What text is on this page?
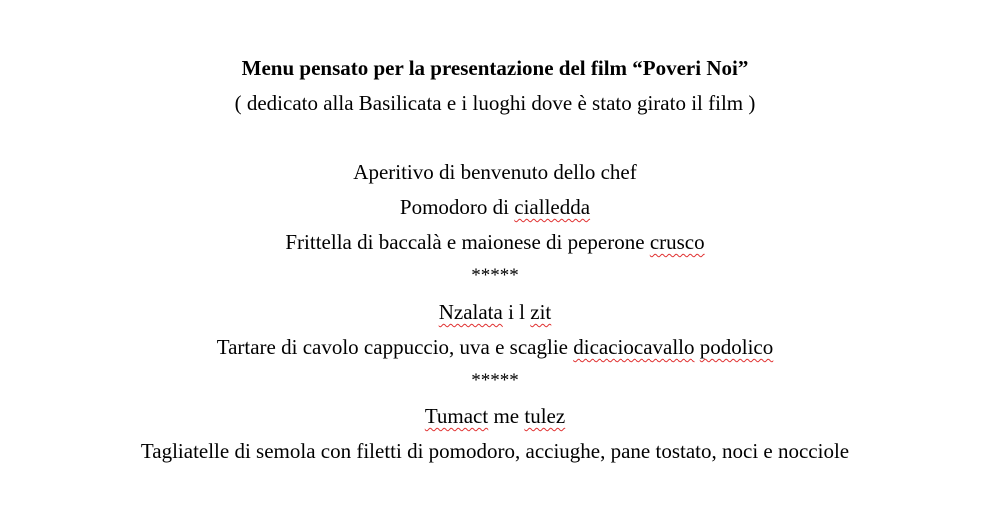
Menu pensato per la presentazione del film “Poveri Noi”
( dedicato alla Basilicata e i luoghi dove è stato girato il film )
Aperitivo di benvenuto dello chef
Pomodoro di cialledda
Frittella di baccalà e maionese di peperone crusco
*****
Nzalata i l zit
Tartare di cavolo cappuccio, uva e scaglie dicaciocavallo podolico
*****
Tumact me tulez
Tagliatelle di semola con filetti di pomodoro, acciughe, pane tostato, noci e nocciole
